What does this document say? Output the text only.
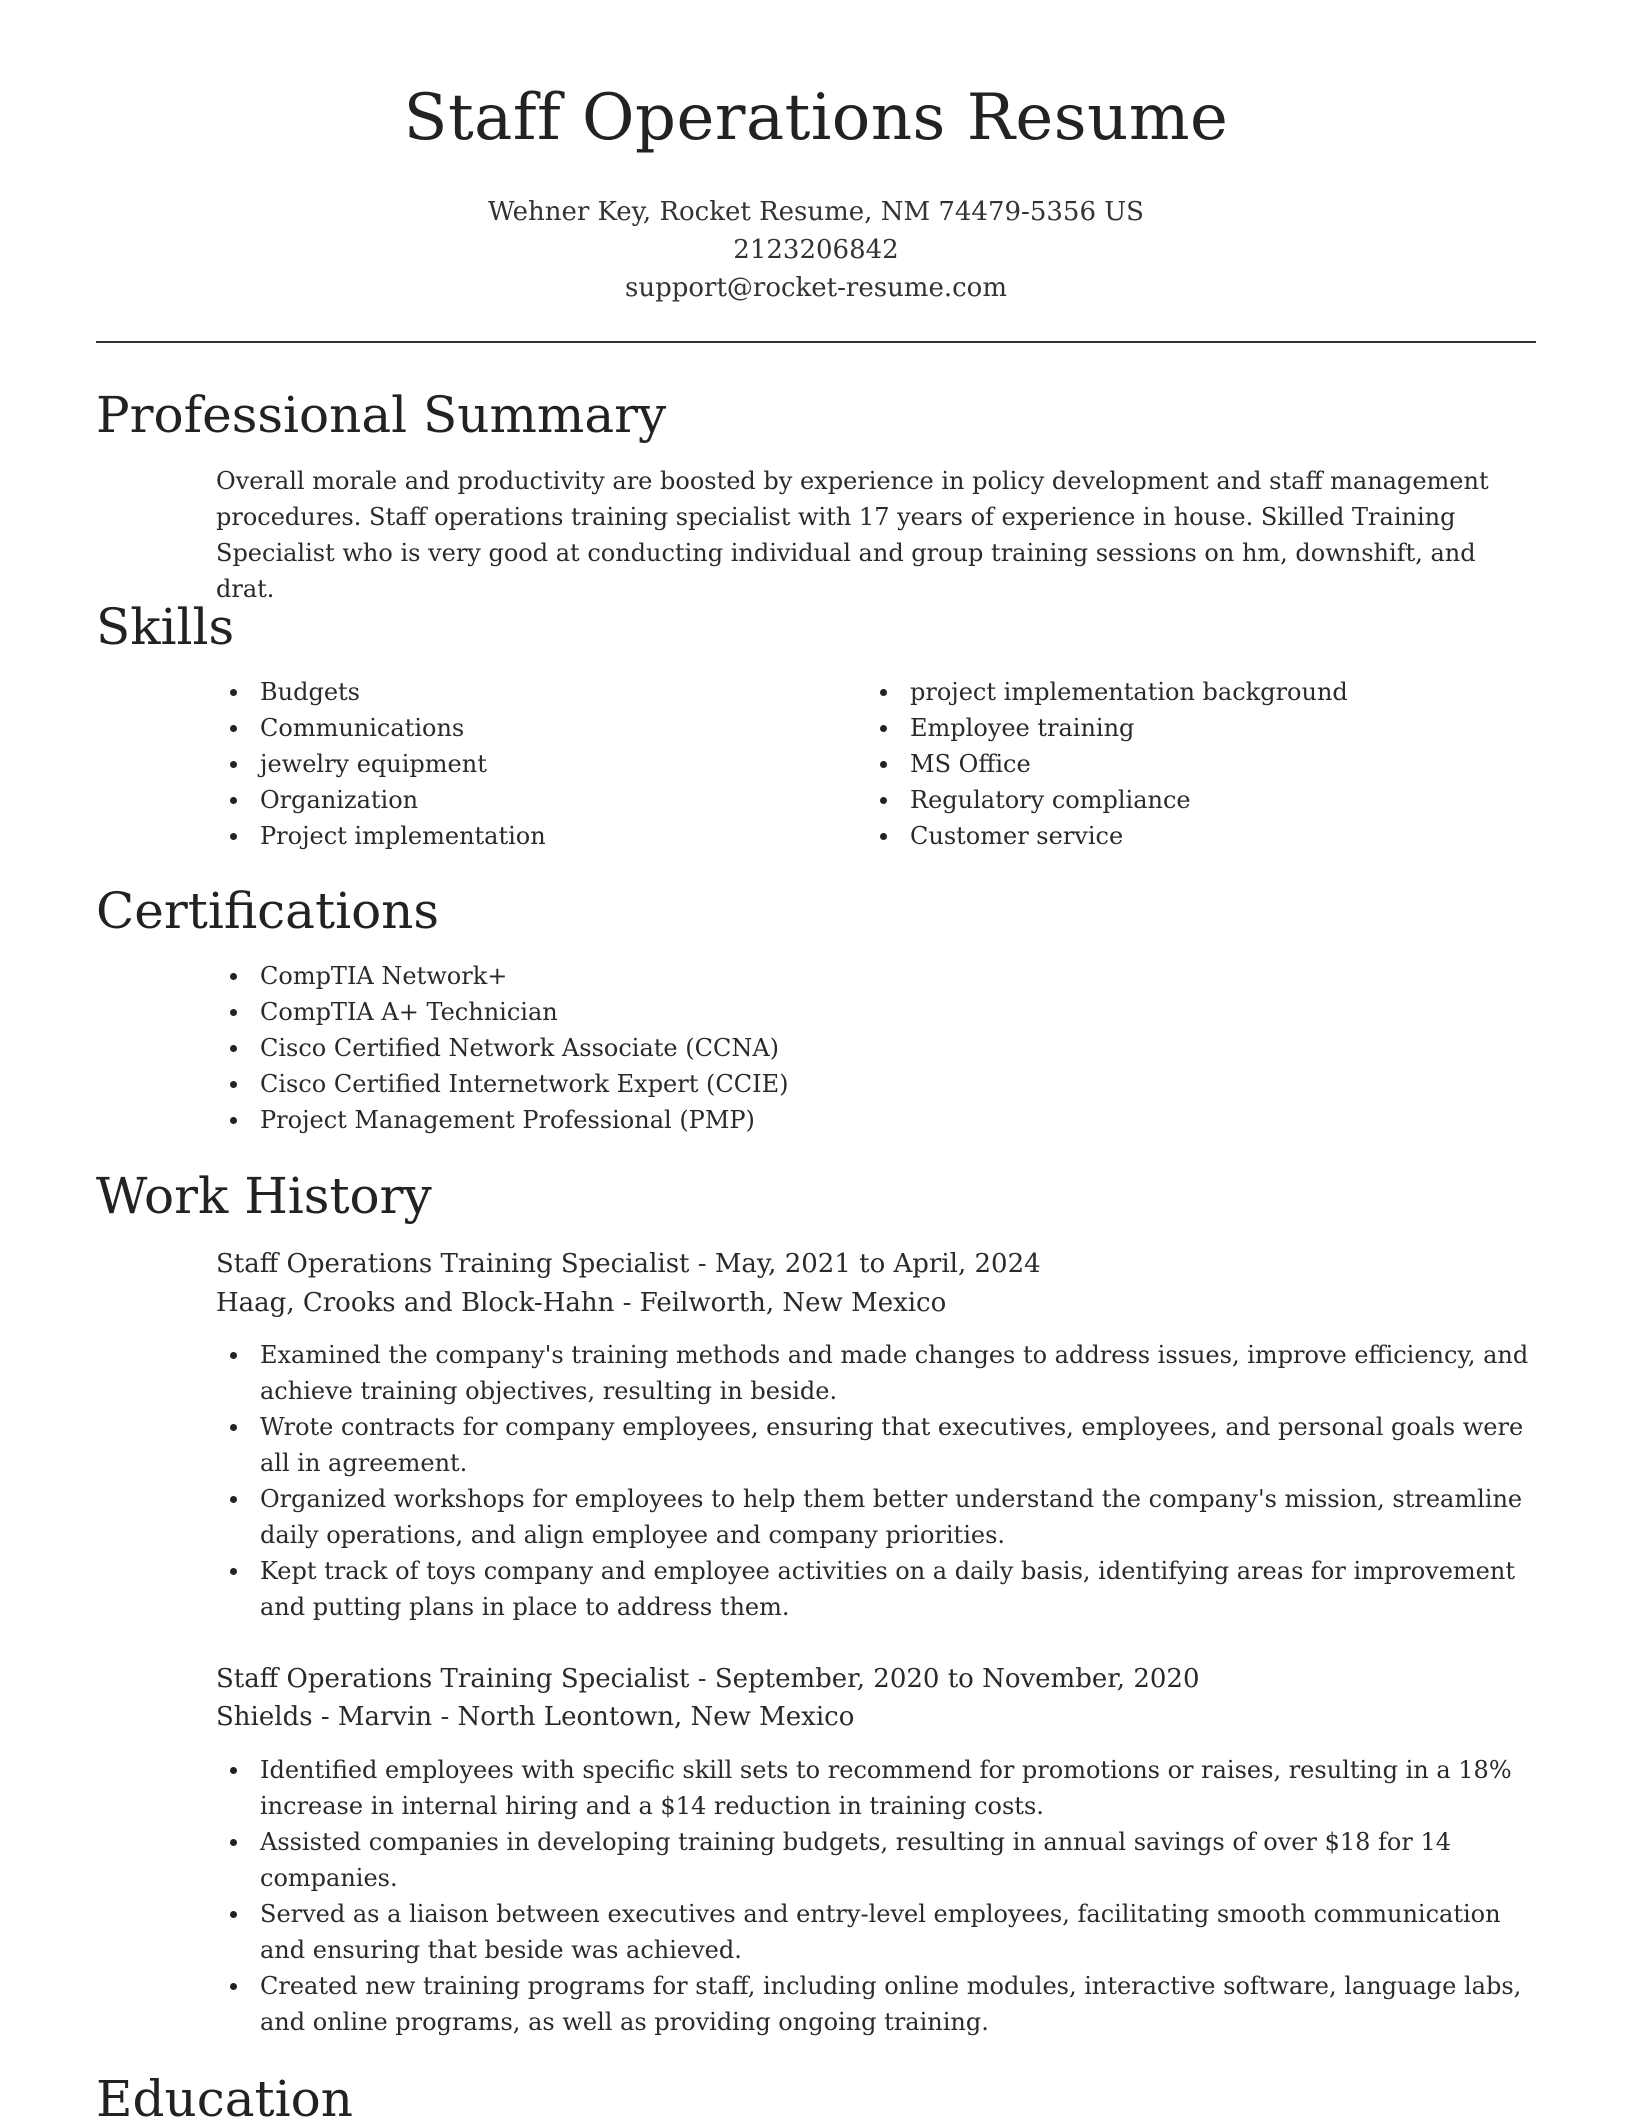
Staff Operations Resume
Wehner Key, Rocket Resume, NM 74479-5356 US
2123206842
support@rocket-resume.com
Professional Summary

Overall morale and productivity are boosted by experience in policy development and staff management procedures. Staff operations training specialist with 17 years of experience in house. Skilled Training Specialist who is very good at conducting individual and group training sessions on hm, downshift, and drat.

Skills
Budgets
Communications
jewelry equipment
Organization
Project implementation
project implementation background
Employee training
MS Office
Regulatory compliance
Customer service
Certifications
CompTIA Network+
CompTIA A+ Technician
Cisco Certified Network Associate (CCNA)
Cisco Certified Internetwork Expert (CCIE)
Project Management Professional (PMP)
Work History
Staff Operations Training Specialist - May, 2021 to April, 2024
Haag, Crooks and Block-Hahn - Feilworth, New Mexico
Examined the company's training methods and made changes to address issues, improve efficiency, and achieve training objectives, resulting in beside.
Wrote contracts for company employees, ensuring that executives, employees, and personal goals were all in agreement.
Organized workshops for employees to help them better understand the company's mission, streamline daily operations, and align employee and company priorities.
Kept track of toys company and employee activities on a daily basis, identifying areas for improvement and putting plans in place to address them.
Staff Operations Training Specialist - September, 2020 to November, 2020
Shields - Marvin - North Leontown, New Mexico
Identified employees with specific skill sets to recommend for promotions or raises, resulting in a 18% increase in internal hiring and a $14 reduction in training costs.
Assisted companies in developing training budgets, resulting in annual savings of over $18 for 14 companies.
Served as a liaison between executives and entry-level employees, facilitating smooth communication and ensuring that beside was achieved.
Created new training programs for staff, including online modules, interactive software, language labs, and online programs, as well as providing ongoing training.
Education
